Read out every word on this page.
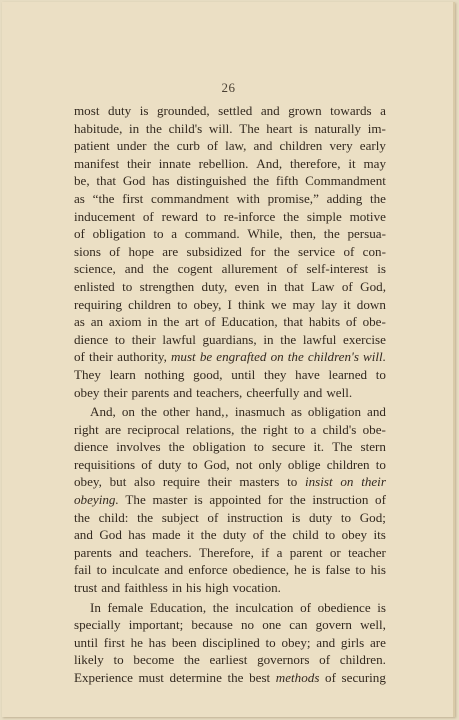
26
most duty is grounded, settled and grown towards a
habitude, in the child's will. The heart is naturally im-
patient under the curb of law, and children very early
manifest their innate rebellion. And, therefore, it may
be, that God has distinguished the fifth Commandment
as “the first commandment with promise,” adding the
inducement of reward to re-inforce the simple motive
of obligation to a command. While, then, the persua-
sions of hope are subsidized for the service of con-
science, and the cogent allurement of self-interest is
enlisted to strengthen duty, even in that Law of God,
requiring children to obey, I think we may lay it down
as an axiom in the art of Education, that habits of obe-
dience to their lawful guardians, in the lawful exercise
of their authority, must be engrafted on the children's will.
They learn nothing good, until they have learned to
obey their parents and teachers, cheerfully and well.
And, on the other hand,‚ inasmuch as obligation and
right are reciprocal relations, the right to a child's obe-
dience involves the obligation to secure it. The stern
requisitions of duty to God, not only oblige children to
obey, but also require their masters to insist on their
obeying. The master is appointed for the instruction of
the child: the subject of instruction is duty to God;
and God has made it the duty of the child to obey its
parents and teachers. Therefore, if a parent or teacher
fail to inculcate and enforce obedience, he is false to his
trust and faithless in his high vocation.
In female Education, the inculcation of obedience is
specially important; because no one can govern well,
until first he has been disciplined to obey; and girls are
likely to become the earliest governors of children.
Experience must determine the best methods of securing
